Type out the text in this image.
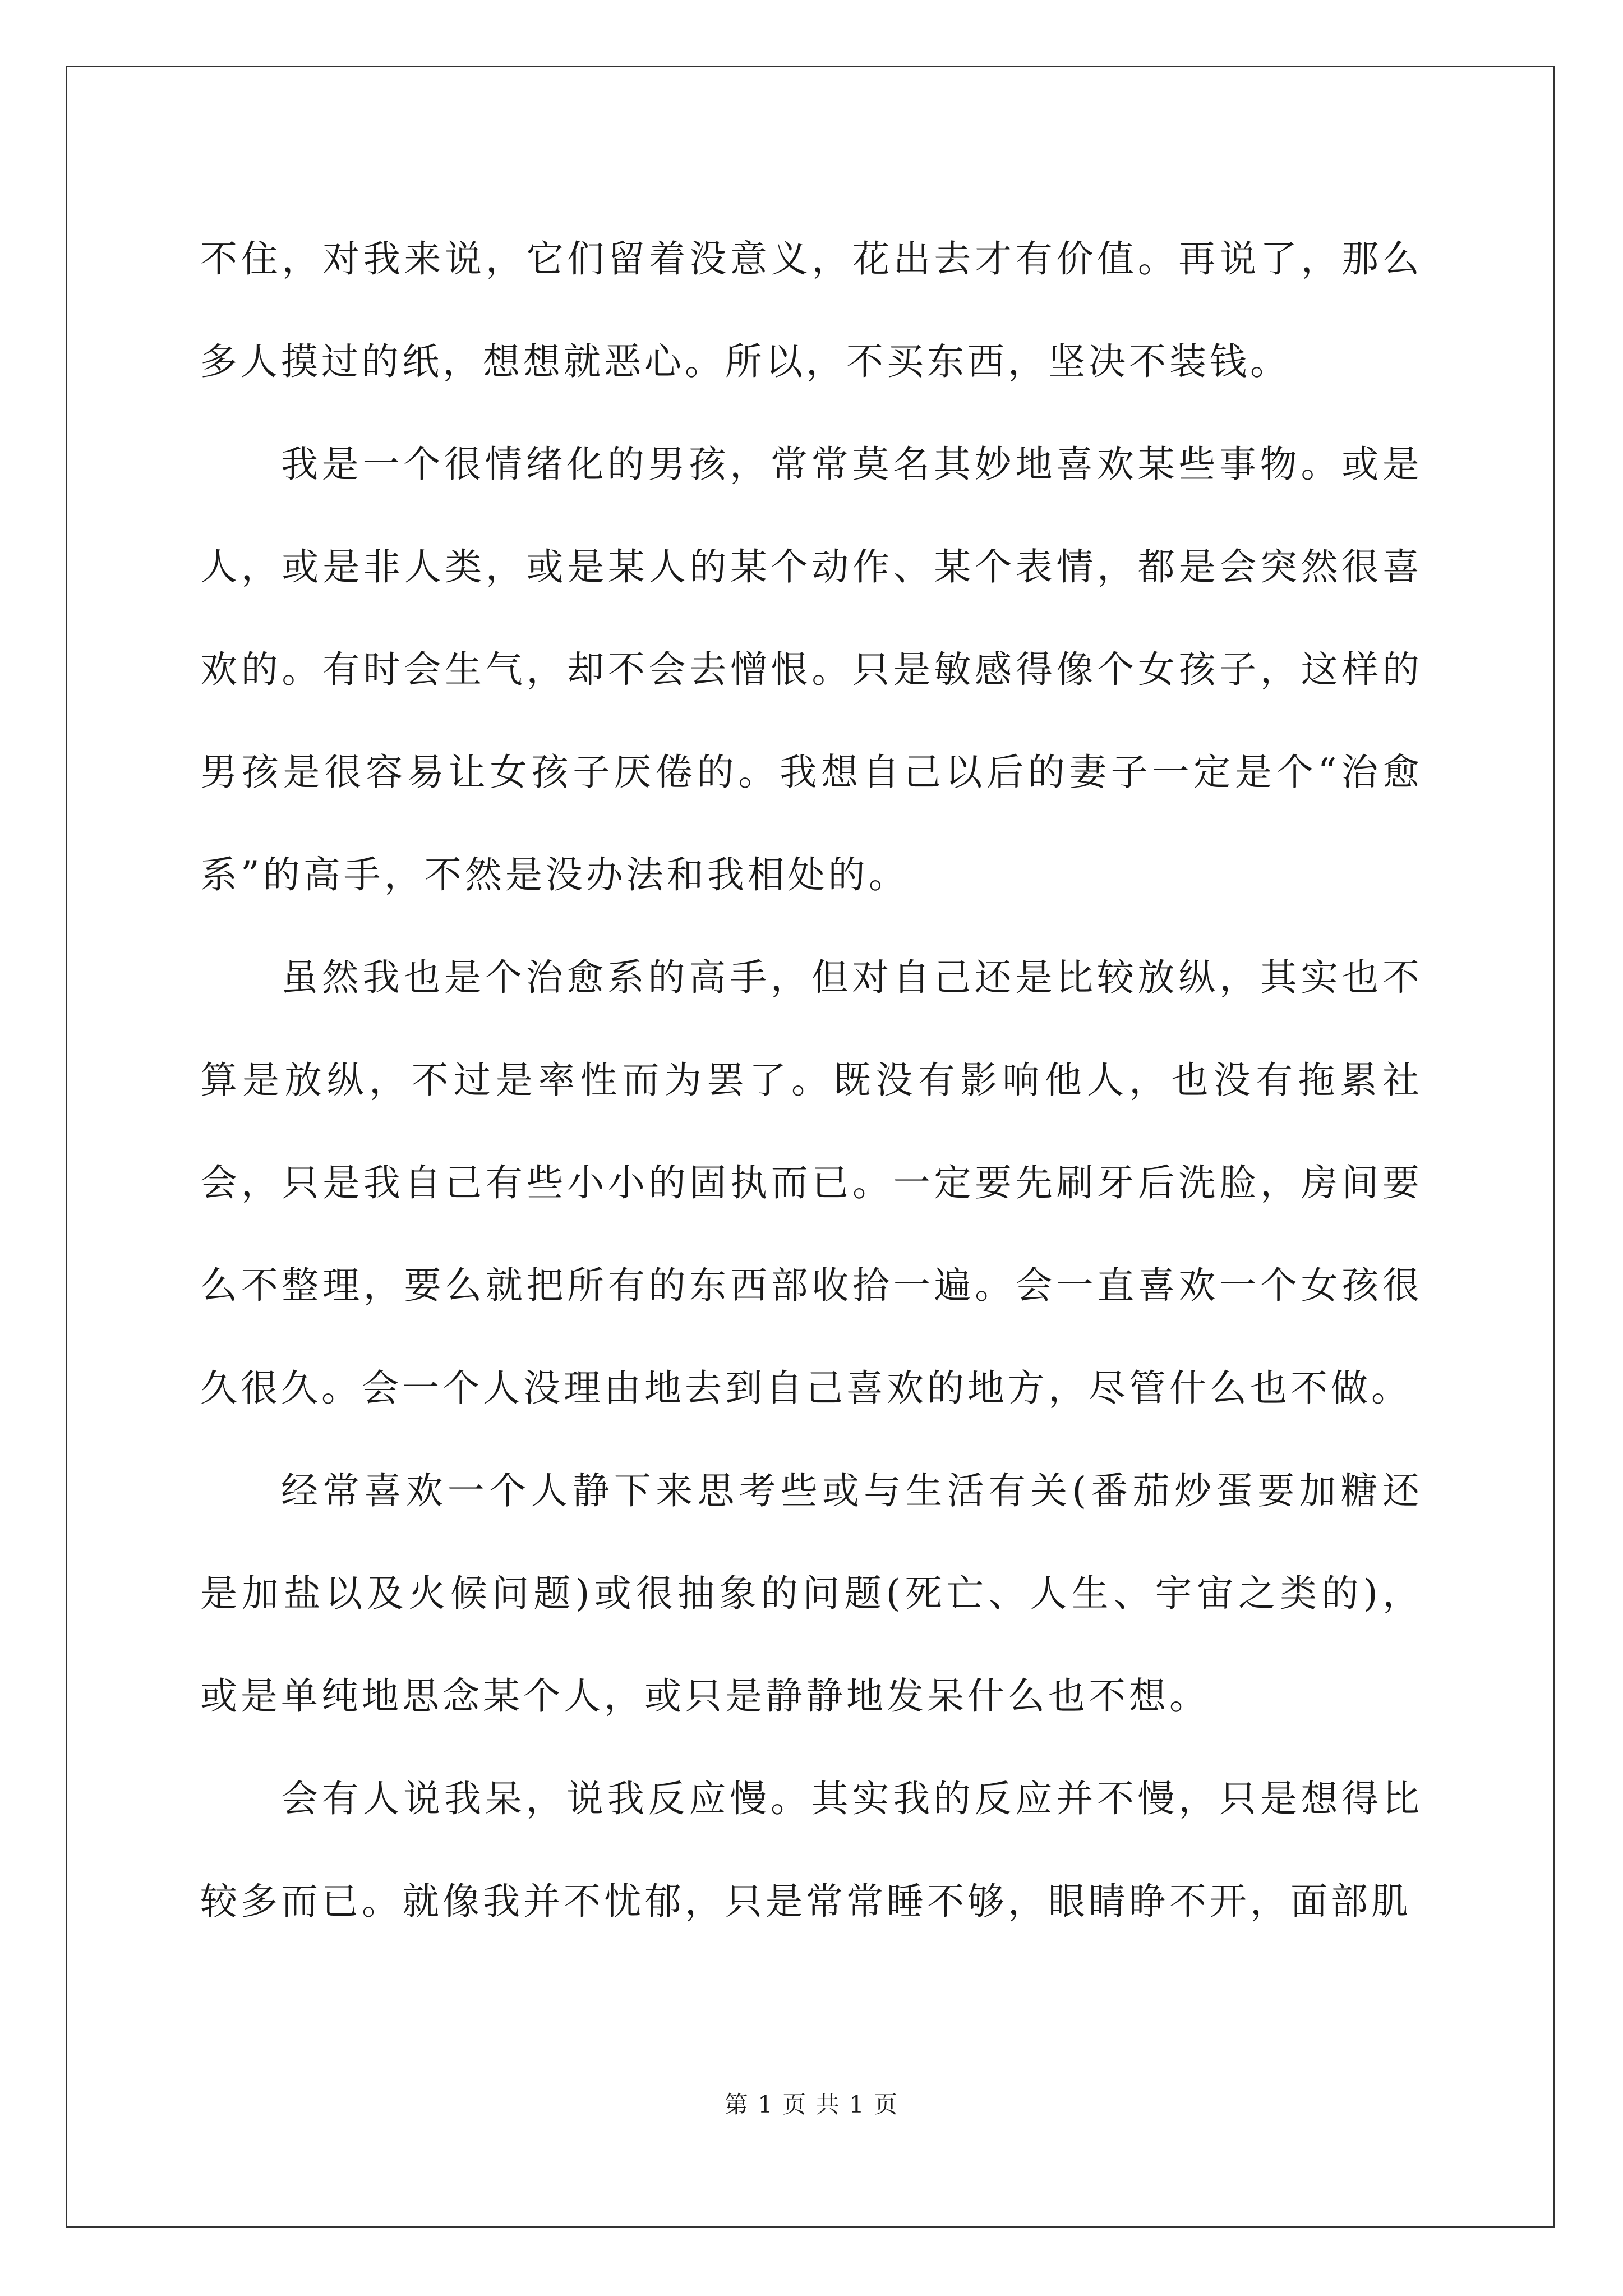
不住，对我来说，它们留着没意义，花出去才有价值。再说了，那么多人摸过的纸，想想就恶心。所以，不买东西，坚决不装钱。

我是一个很情绪化的男孩，常常莫名其妙地喜欢某些事物。或是人，或是非人类，或是某人的某个动作、某个表情，都是会突然很喜欢的。有时会生气，却不会去憎恨。只是敏感得像个女孩子，这样的男孩是很容易让女孩子厌倦的。我想自己以后的妻子一定是个“治愈系”的高手，不然是没办法和我相处的。

虽然我也是个治愈系的高手，但对自己还是比较放纵，其实也不算是放纵，不过是率性而为罢了。既没有影响他人，也没有拖累社会，只是我自己有些小小的固执而已。一定要先刷牙后洗脸，房间要么不整理，要么就把所有的东西部收拾一遍。会一直喜欢一个女孩很久很久。会一个人没理由地去到自己喜欢的地方，尽管什么也不做。

经常喜欢一个人静下来思考些或与生活有关(番茄炒蛋要加糖还是加盐以及火候问题)或很抽象的问题(死亡、人生、宇宙之类的)，或是单纯地思念某个人，或只是静静地发呆什么也不想。

会有人说我呆，说我反应慢。其实我的反应并不慢，只是想得比较多而已。就像我并不忧郁，只是常常睡不够，眼睛睁不开，面部肌

第 1 页 共 1 页
